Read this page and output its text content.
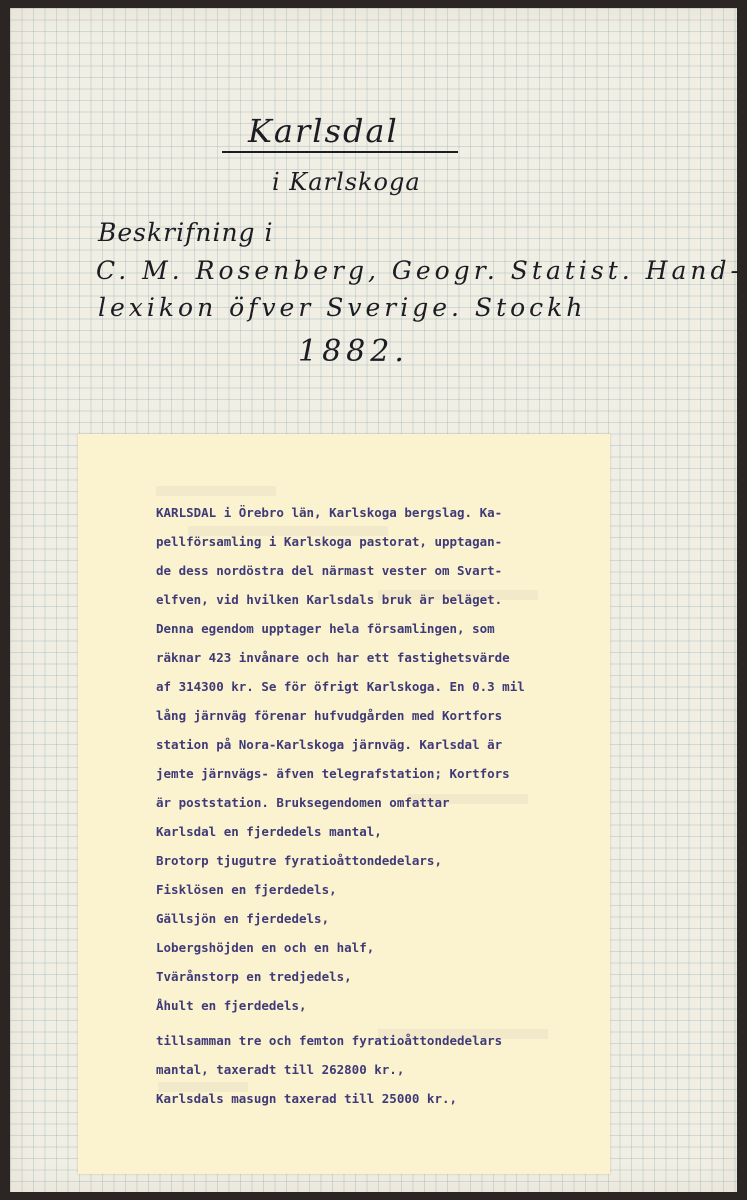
Karlsdal
i Karlskoga
Beskrifning i
C. M. Rosenberg, Geogr. Statist. Hand-
lexikon öfver Sverige. Stockh
1882.
KARLSDAL i Örebro län, Karlskoga bergslag. Ka-
pellförsamling i Karlskoga pastorat, upptagan-
de dess nordöstra del närmast vester om Svart-
elfven, vid hvilken Karlsdals bruk är beläget.
Denna egendom upptager hela församlingen, som
räknar 423 invånare och har ett fastighetsvärde
af 314300 kr. Se för öfrigt Karlskoga. En 0.3 mil
lång järnväg förenar hufvudgården med Kortfors
station på Nora-Karlskoga järnväg. Karlsdal är
jemte järnvägs- äfven telegrafstation; Kortfors
är poststation. Bruksegendomen omfattar
Karlsdal en fjerdedels mantal,
Brotorp tjugutre fyratioåttondedelars,
Fisklösen en fjerdedels,
Gällsjön en fjerdedels,
Lobergshöjden en och en half,
Tvärånstorp en tredjedels,
Åhult en fjerdedels,
tillsamman tre och femton fyratioåttondedelars
mantal, taxeradt till 262800 kr.,
Karlsdals masugn taxerad till 25000 kr.,
